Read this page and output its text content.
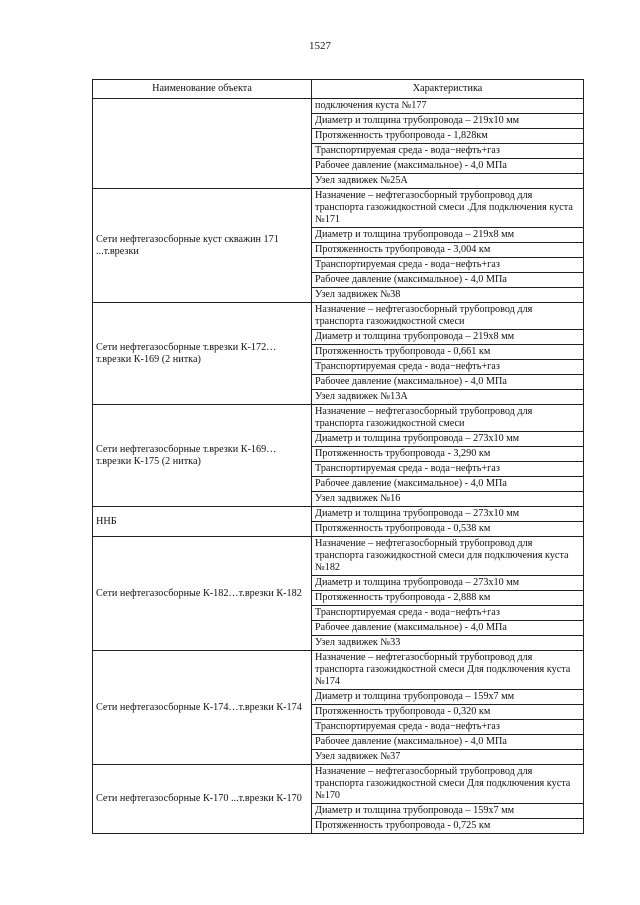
1527
Наименование объекта	Характеристика
	подключения куста №177
	Диаметр и толщина трубопровода – 219х10 мм
	Протяженность трубопровода - 1,828км
	Транспортируемая среда - вода−нефть+газ
	Рабочее давление (максимальное) - 4,0 МПа
	Узел задвижек №25А
Сети нефтегазосборные куст скважин 171 ...т.врезки	Назначение – нефтегазосборный трубопровод для транспорта газожидкостной смеси .Для подключения куста №171
	Диаметр и толщина трубопровода – 219х8 мм
	Протяженность трубопровода - 3,004 км
	Транспортируемая среда - вода−нефть+газ
	Рабочее давление (максимальное) - 4,0 МПа
	Узел задвижек №38
Сети нефтегазосборные т.врезки К-172…т.врезки К-169 (2 нитка)	Назначение – нефтегазосборный трубопровод для транспорта газожидкостной смеси
	Диаметр и толщина трубопровода – 219х8 мм
	Протяженность трубопровода - 0,661 км
	Транспортируемая среда - вода−нефть+газ
	Рабочее давление (максимальное) - 4,0 МПа
	Узел задвижек №13А
Сети нефтегазосборные т.врезки К-169…т.врезки К-175 (2 нитка)	Назначение – нефтегазосборный трубопровод для транспорта газожидкостной смеси
	Диаметр и толщина трубопровода – 273х10 мм
	Протяженность трубопровода - 3,290 км
	Транспортируемая среда - вода−нефть+газ
	Рабочее давление (максимальное) - 4,0 МПа
	Узел задвижек №16
ННБ	Диаметр и толщина трубопровода – 273х10 мм
	Протяженность трубопровода - 0,538 км
Сети нефтегазосборные К-182…т.врезки К-182	Назначение – нефтегазосборный трубопровод для транспорта газожидкостной смеси для подключения куста №182
	Диаметр и толщина трубопровода – 273х10 мм
	Протяженность трубопровода - 2,888 км
	Транспортируемая среда - вода−нефть+газ
	Рабочее давление (максимальное) - 4,0 МПа
	Узел задвижек №33
Сети нефтегазосборные К-174…т.врезки К-174	Назначение – нефтегазосборный трубопровод для транспорта газожидкостной смеси Для подключения куста №174
	Диаметр и толщина трубопровода – 159х7 мм
	Протяженность трубопровода - 0,320 км
	Транспортируемая среда - вода−нефть+газ
	Рабочее давление (максимальное) - 4,0 МПа
	Узел задвижек №37
Сети нефтегазосборные К-170 ...т.врезки К-170	Назначение – нефтегазосборный трубопровод для транспорта газожидкостной смеси Для подключения куста №170
	Диаметр и толщина трубопровода – 159х7 мм
	Протяженность трубопровода - 0,725 км
